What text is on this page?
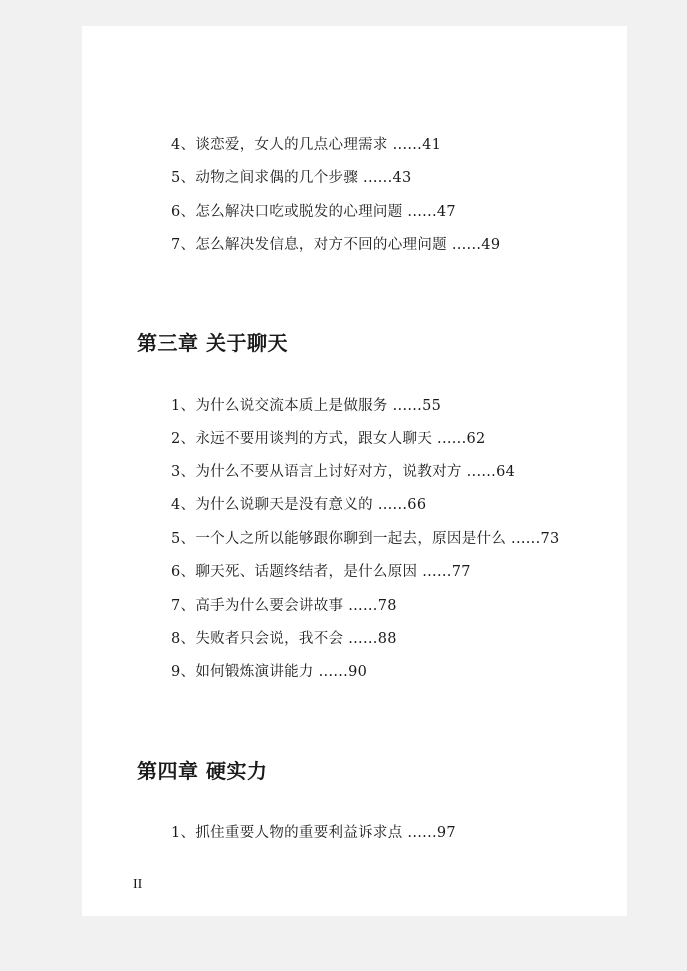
4、谈恋爱，女人的几点心理需求 ......41
5、动物之间求偶的几个步骤 ......43
6、怎么解决口吃或脱发的心理问题 ......47
7、怎么解决发信息，对方不回的心理问题 ......49
第三章 关于聊天
1、为什么说交流本质上是做服务 ......55
2、永远不要用谈判的方式，跟女人聊天 ......62
3、为什么不要从语言上讨好对方，说教对方 ......64
4、为什么说聊天是没有意义的 ......66
5、一个人之所以能够跟你聊到一起去，原因是什么 ......73
6、聊天死、话题终结者，是什么原因 ......77
7、高手为什么要会讲故事 ......78
8、失败者只会说，我不会 ......88
9、如何锻炼演讲能力 ......90
第四章 硬实力
1、抓住重要人物的重要利益诉求点 ......97
II
